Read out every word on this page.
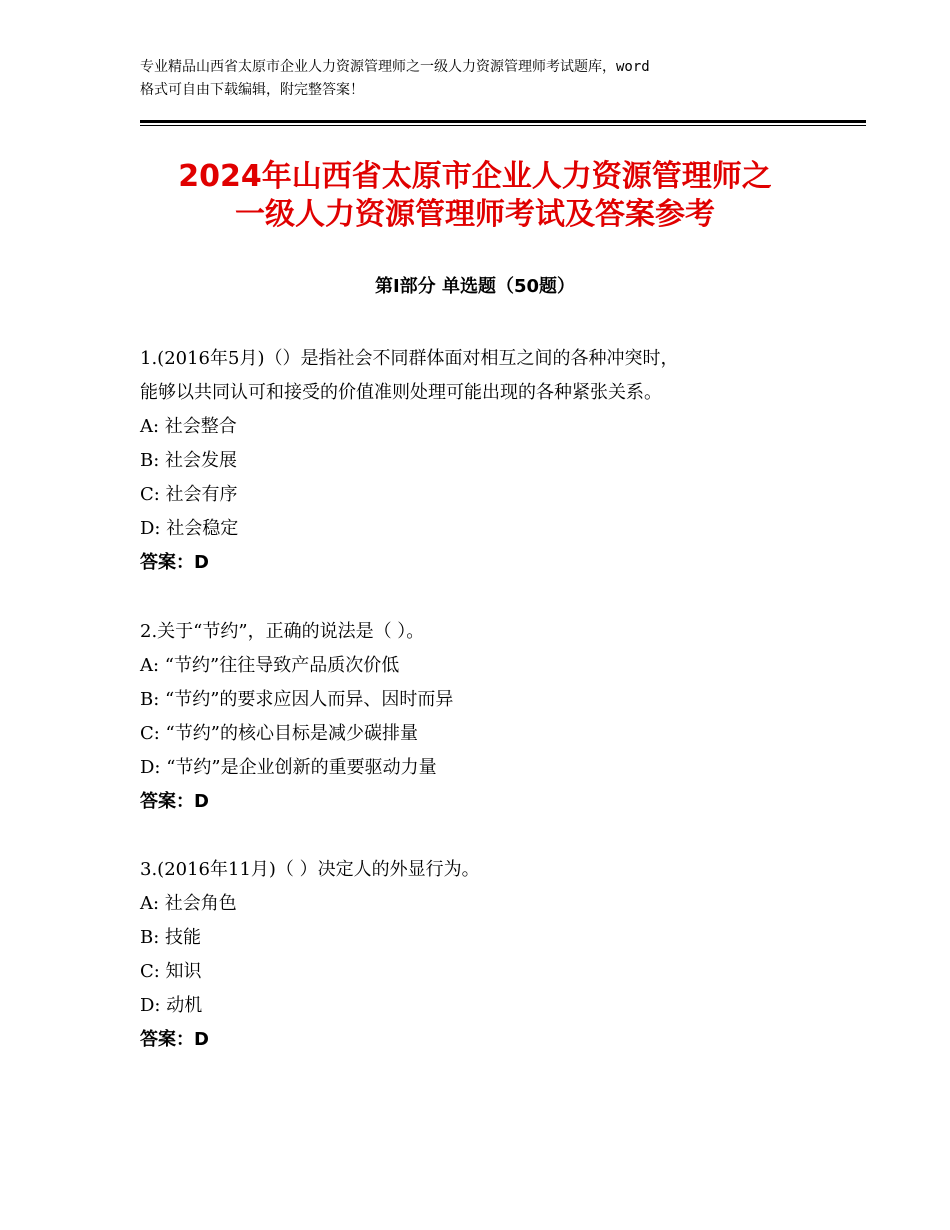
专业精品山西省太原市企业人力资源管理师之一级人力资源管理师考试题库，word
格式可自由下载编辑，附完整答案！
2024年山西省太原市企业人力资源管理师之
一级人力资源管理师考试及答案参考
第Ⅰ部分 单选题（50题）
1.(2016年5月)（）是指社会不同群体面对相互之间的各种冲突时，
能够以共同认可和接受的价值准则处理可能出现的各种紧张关系。
A: 社会整合
B: 社会发展
C: 社会有序
D: 社会稳定
答案：D
2.关于“节约”，正确的说法是（ ）。
A: “节约”往往导致产品质次价低
B: “节约”的要求应因人而异、因时而异
C: “节约”的核心目标是减少碳排量
D: “节约”是企业创新的重要驱动力量
答案：D
3.(2016年11月)（ ）决定人的外显行为。
A: 社会角色
B: 技能
C: 知识
D: 动机
答案：D
